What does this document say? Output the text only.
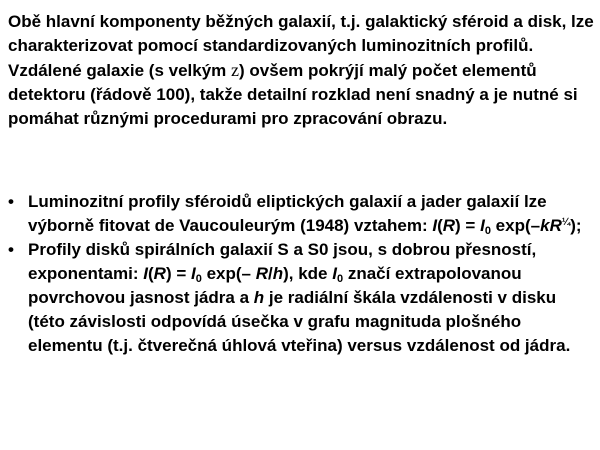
Obě hlavní komponenty běžných galaxií, t.j. galaktický sféroid a disk, lze charakterizovat pomocí standardizovaných luminozitních profilů. Vzdálené galaxie (s velkým z) ovšem pokrýjí malý počet elementů detektoru (řádově 100), takže detailní rozklad není snadný a je nutné si pomáhat různými procedurami pro zpracování obrazu.

• Luminozitní profily sféroidů eliptických galaxií a jader galaxií lze výborně fitovat de Vaucouleurým (1948) vztahem: $I(R) = I_0$ $\exp(-kR^{\frac{1}{4}})$;
• Profily disků spirálních galaxií S a S0 jsou, s dobrou přesností, exponentami: $I(R) = I_0$ exp(– R/h), kde $I_0$ značí extrapolovanou povrchovou jasnost jádra a h je radiální škála vzdálenosti v disku (této závislosti odpovídá úsečka v grafu magnituda plošného elementu (t.j. čtverečná úhlová vteřina) versus vzdálenost od jádra.
